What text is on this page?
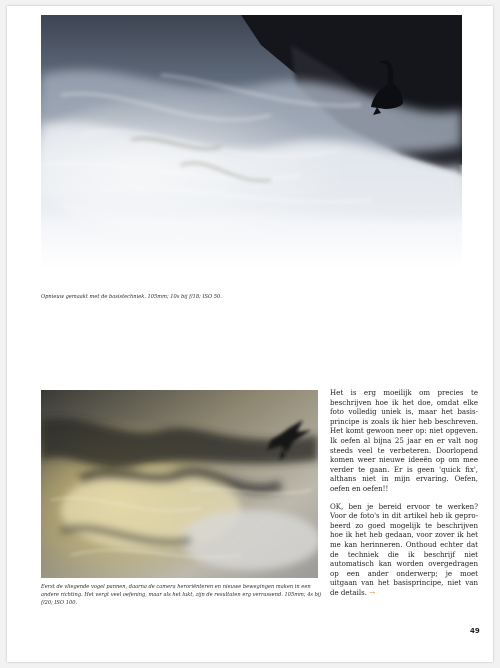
Opnieuw gemaakt met de basistechniek. 105mm; 10s bij f/18; ISO 50.
Eerst de vliegende vogel pannen, daarna de camera heroriënteren en nieuwe bewegingen maken in een andere richting. Het vergt veel oefening, maar als het lukt, zijn de resultaten erg verrassend. 105mm; 4s bij f/20; ISO 100.

Het is erg moeilijk om precies te beschrijven hoe ik het doe, omdat elke foto volledig uniek is, maar het basisprincipe is zoals ik hier heb beschreven. Het komt gewoon neer op: niet opgeven. Ik oefen al bijna 25 jaar en er valt nog steeds veel te verbeteren. Doorlopend komen weer nieuwe ideeën op om mee verder te gaan. Er is geen 'quick fix', althans niet in mijn ervaring. Oefen, oefen en oefen!!

OK, ben je bereid ervoor te werken? Voor de foto's in dit artikel heb ik geprobeerd zo goed mogelijk te beschrijven hoe ik het heb gedaan, voor zover ik het me kan herinneren. Onthoud echter dat de techniek die ik beschrijf niet automatisch kan worden overgedragen op een ander onderwerp; je moet uitgaan van het basisprincipe, niet van de details. →

49
